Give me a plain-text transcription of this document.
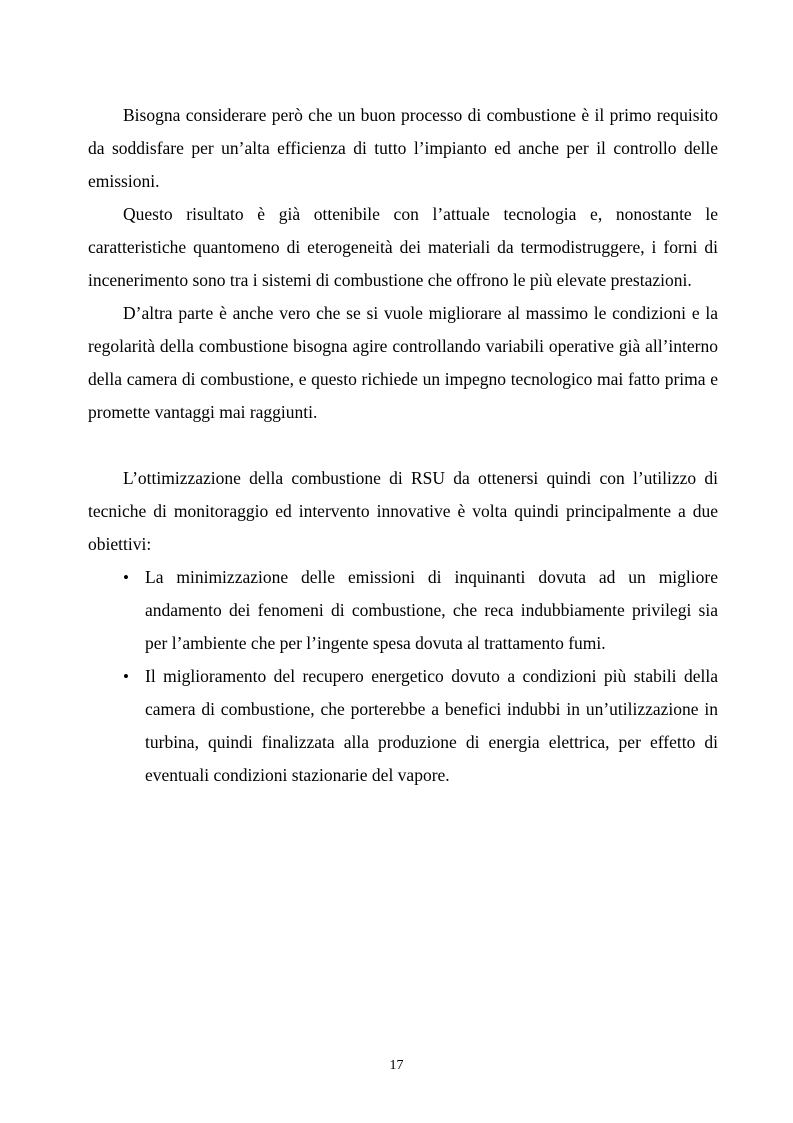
Bisogna considerare però che un buon processo di combustione è il primo requisito da soddisfare per un’alta efficienza di tutto l’impianto ed anche per il controllo delle emissioni.

Questo risultato è già ottenibile con l’attuale tecnologia e, nonostante le caratteristiche quantomeno di eterogeneità dei materiali da termodistruggere, i forni di incenerimento sono tra i sistemi di combustione che offrono le più elevate prestazioni.

D’altra parte è anche vero che se si vuole migliorare al massimo le condizioni e la regolarità della combustione bisogna agire controllando variabili operative già all’interno della camera di combustione, e questo richiede un impegno tecnologico mai fatto prima e promette vantaggi mai raggiunti.

L’ottimizzazione della combustione di RSU da ottenersi quindi con l’utilizzo di tecniche di monitoraggio ed intervento innovative è volta quindi principalmente a due obiettivi:

• La minimizzazione delle emissioni di inquinanti dovuta ad un migliore andamento dei fenomeni di combustione, che reca indubbiamente privilegi sia per l’ambiente che per l’ingente spesa dovuta al trattamento fumi.
• Il miglioramento del recupero energetico dovuto a condizioni più stabili della camera di combustione, che porterebbe a benefici indubbi in un’utilizzazione in turbina, quindi finalizzata alla produzione di energia elettrica, per effetto di eventuali condizioni stazionarie del vapore.
17
